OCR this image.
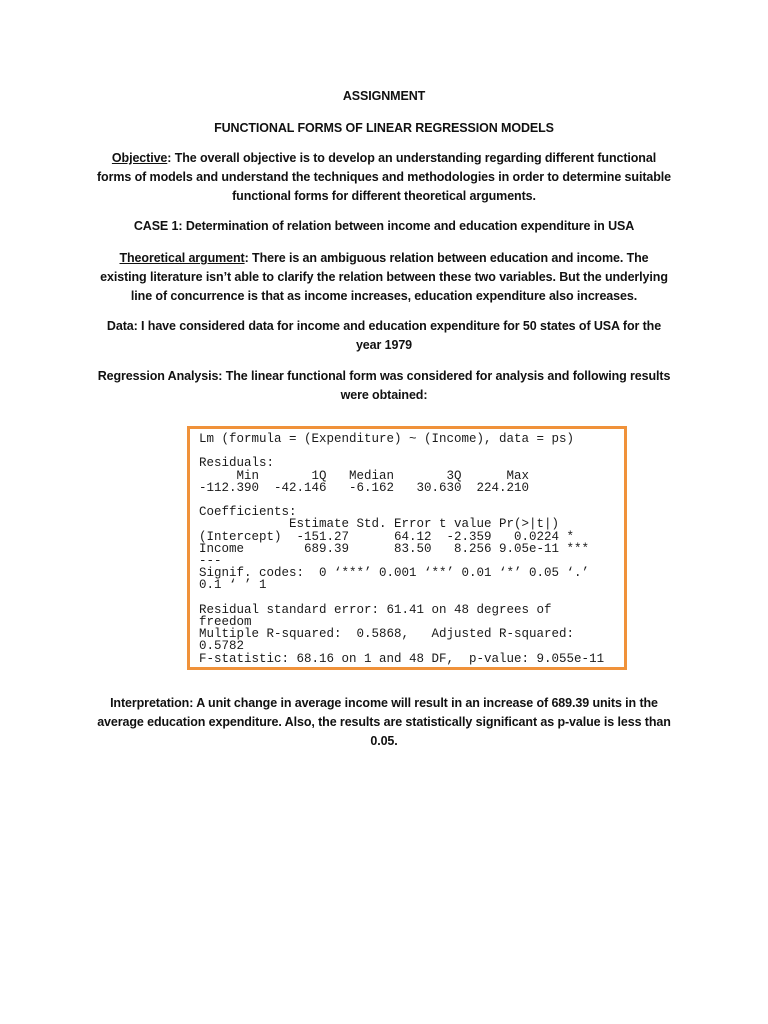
ASSIGNMENT
FUNCTIONAL FORMS OF LINEAR REGRESSION MODELS
Objective: The overall objective is to develop an understanding regarding different functional forms of models and understand the techniques and methodologies in order to determine suitable functional forms for different theoretical arguments.
CASE 1: Determination of relation between income and education expenditure in USA
Theoretical argument: There is an ambiguous relation between education and income. The existing literature isn’t able to clarify the relation between these two variables. But the underlying line of concurrence is that as income increases, education expenditure also increases.
Data: I have considered data for income and education expenditure for 50 states of USA for the year 1979
Regression Analysis: The linear functional form was considered for analysis and following results were obtained:
Lm (formula = (Expenditure) ~ (Income), data = ps)

Residuals:
Min       1Q   Median       3Q      Max
-112.390  -42.146   -6.162   30.630  224.210

Coefficients:
Estimate Std. Error t value Pr(>|t|)
(Intercept)  -151.27      64.12  -2.359   0.0224 *
Income        689.39      83.50   8.256 9.05e-11 ***
---
Signif. codes:  0 ‘***’ 0.001 ‘**’ 0.01 ‘*’ 0.05 ‘.’
0.1 ‘ ’ 1

Residual standard error: 61.41 on 48 degrees of
freedom
Multiple R-squared:  0.5868,   Adjusted R-squared:
0.5782
F-statistic: 68.16 on 1 and 48 DF,  p-value: 9.055e-11
Interpretation: A unit change in average income will result in an increase of 689.39 units in the average education expenditure. Also, the results are statistically significant as p-value is less than 0.05.
